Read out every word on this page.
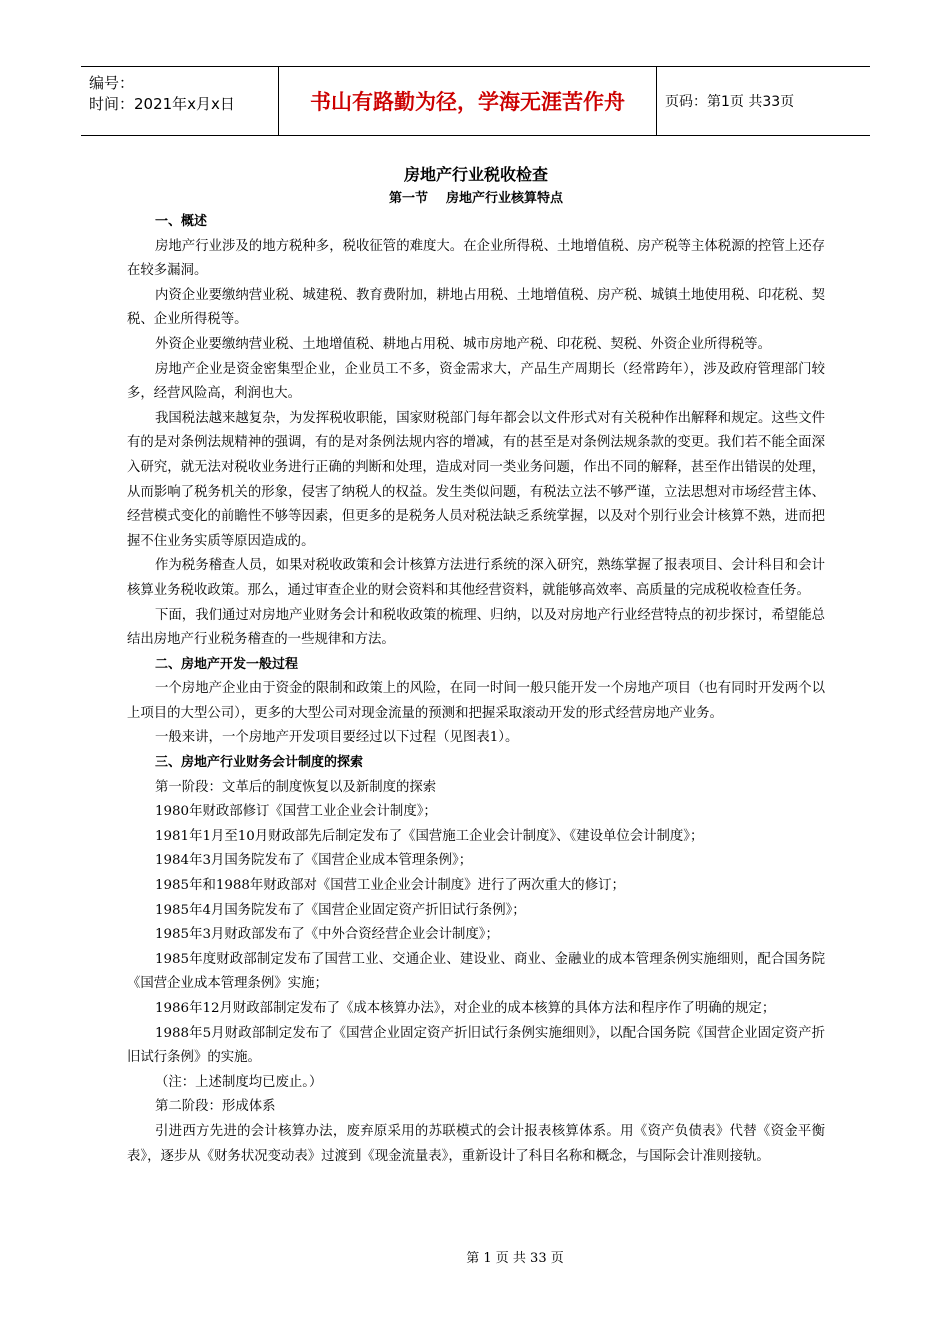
编号：
时间：2021年x月x日	书山有路勤为径，学海无涯苦作舟	页码：第1页 共33页
房地产行业税收检查
第一节    房地产行业核算特点
一、概述

房地产行业涉及的地方税种多，税收征管的难度大。在企业所得税、土地增值税、房产税等主体税源的控管上还存在较多漏洞。

内资企业要缴纳营业税、城建税、教育费附加，耕地占用税、土地增值税、房产税、城镇土地使用税、印花税、契税、企业所得税等。

外资企业要缴纳营业税、土地增值税、耕地占用税、城市房地产税、印花税、契税、外资企业所得税等。

房地产企业是资金密集型企业，企业员工不多，资金需求大，产品生产周期长（经常跨年），涉及政府管理部门较多，经营风险高，利润也大。

我国税法越来越复杂，为发挥税收职能，国家财税部门每年都会以文件形式对有关税种作出解释和规定。这些文件有的是对条例法规精神的强调，有的是对条例法规内容的增减，有的甚至是对条例法规条款的变更。我们若不能全面深入研究，就无法对税收业务进行正确的判断和处理，造成对同一类业务问题，作出不同的解释，甚至作出错误的处理，从而影响了税务机关的形象，侵害了纳税人的权益。发生类似问题，有税法立法不够严谨，立法思想对市场经营主体、经营模式变化的前瞻性不够等因素，但更多的是税务人员对税法缺乏系统掌握，以及对个别行业会计核算不熟，进而把握不住业务实质等原因造成的。

作为税务稽查人员，如果对税收政策和会计核算方法进行系统的深入研究，熟练掌握了报表项目、会计科目和会计核算业务税收政策。那么，通过审查企业的财会资料和其他经营资料，就能够高效率、高质量的完成税收检查任务。

下面，我们通过对房地产业财务会计和税收政策的梳理、归纳，以及对房地产行业经营特点的初步探讨，希望能总结出房地产行业税务稽查的一些规律和方法。

二、房地产开发一般过程

一个房地产企业由于资金的限制和政策上的风险，在同一时间一般只能开发一个房地产项目（也有同时开发两个以上项目的大型公司），更多的大型公司对现金流量的预测和把握采取滚动开发的形式经营房地产业务。

一般来讲，一个房地产开发项目要经过以下过程（见图表1）。

三、房地产行业财务会计制度的探索

第一阶段：文革后的制度恢复以及新制度的探索

1980年财政部修订《国营工业企业会计制度》；

1981年1月至10月财政部先后制定发布了《国营施工企业会计制度》、《建设单位会计制度》；

1984年3月国务院发布了《国营企业成本管理条例》；

1985年和1988年财政部对《国营工业企业会计制度》进行了两次重大的修订；

1985年4月国务院发布了《国营企业固定资产折旧试行条例》；

1985年3月财政部发布了《中外合资经营企业会计制度》；

1985年度财政部制定发布了国营工业、交通企业、建设业、商业、金融业的成本管理条例实施细则，配合国务院《国营企业成本管理条例》实施；

1986年12月财政部制定发布了《成本核算办法》，对企业的成本核算的具体方法和程序作了明确的规定；

1988年5月财政部制定发布了《国营企业固定资产折旧试行条例实施细则》，以配合国务院《国营企业固定资产折旧试行条例》的实施。

（注：上述制度均已废止。）

第二阶段：形成体系

引进西方先进的会计核算办法，废弃原采用的苏联模式的会计报表核算体系。用《资产负债表》代替《资金平衡表》，逐步从《财务状况变动表》过渡到《现金流量表》，重新设计了科目名称和概念，与国际会计准则接轨。

第 1 页 共 33 页
